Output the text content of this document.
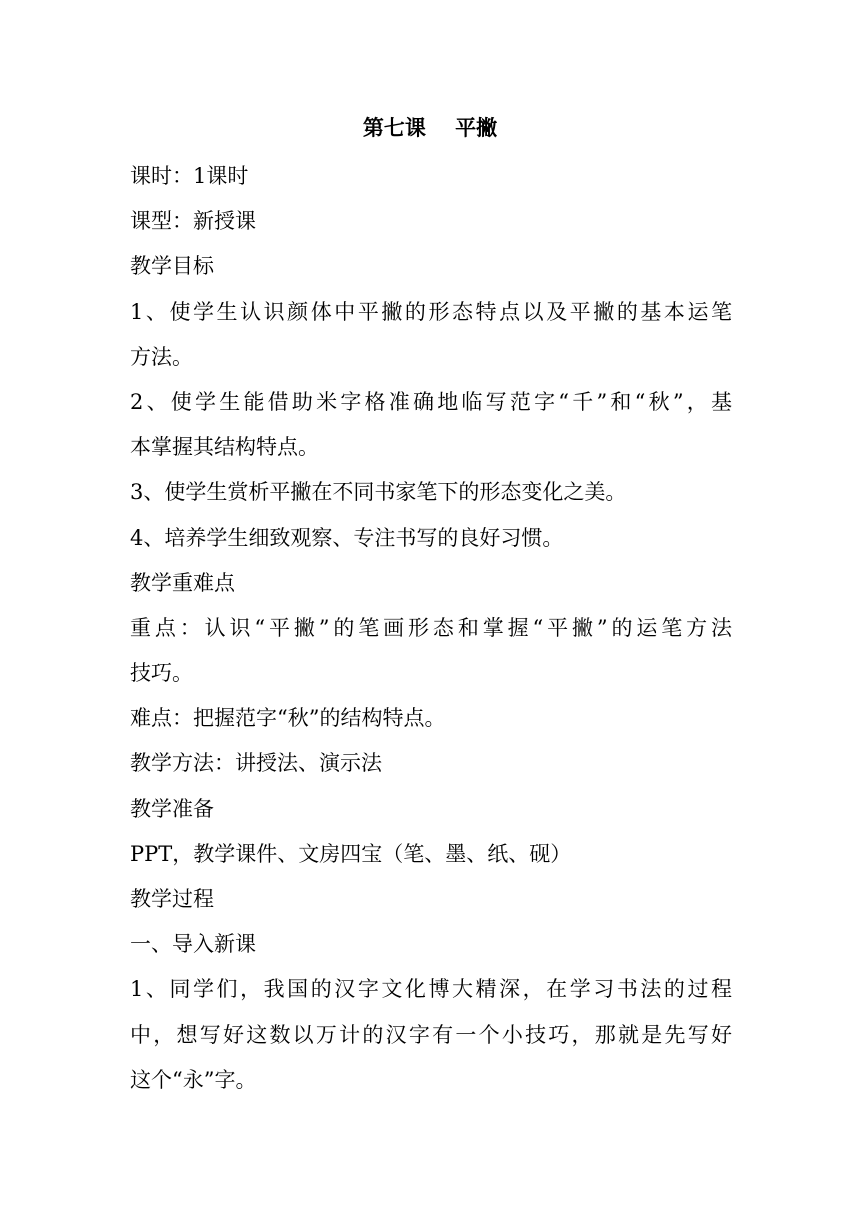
第七课    平撇
课时：1课时
课型：新授课
教学目标
1、使学生认识颜体中平撇的形态特点以及平撇的基本运笔
方法。
2、使学生能借助米字格准确地临写范字“千”和“秋”，基
本掌握其结构特点。
3、使学生赏析平撇在不同书家笔下的形态变化之美。
4、培养学生细致观察、专注书写的良好习惯。
教学重难点
重点：认识“平撇”的笔画形态和掌握“平撇”的运笔方法
技巧。
难点：把握范字“秋”的结构特点。
教学方法：讲授法、演示法
教学准备
PPT，教学课件、文房四宝（笔、墨、纸、砚）
教学过程
一、导入新课
1、同学们，我国的汉字文化博大精深，在学习书法的过程
中，想写好这数以万计的汉字有一个小技巧，那就是先写好
这个“永”字。
